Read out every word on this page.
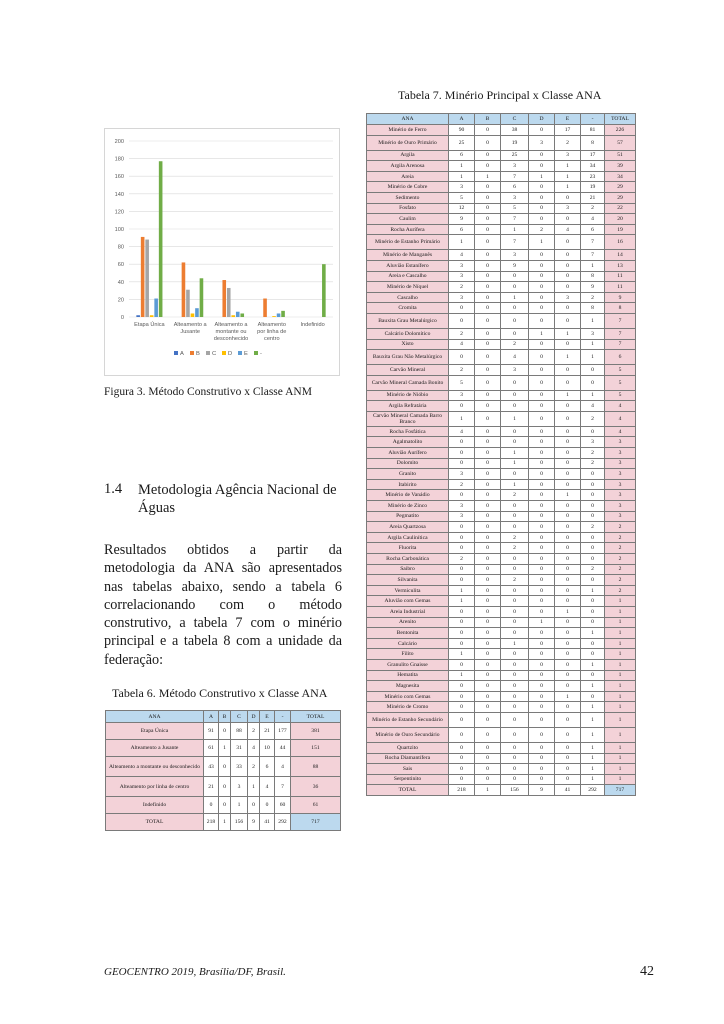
0
20
40
60
80
100
120
140
160
180
200
Etapa Única Alteamento a
Jusante
Alteamento a
montante ou
desconhecido
Alteamento
por linha de
centro
Indefinido
A B C D E -
Figura 3. Método Construtivo x Classe ANM
1.4 Metodologia Agência Nacional de Águas

Resultados obtidos a partir da metodologia da ANA são apresentados nas tabelas abaixo, sendo a tabela 6 correlacionando com o método construtivo, a tabela 7 com o minério principal e a tabela 8 com a unidade da federação:

Tabela 6. Método Construtivo x Classe ANA
ANA	A	B	C	D	E	-	TOTAL
Etapa Única	91	0	88	2	21	177	381
Alteamento a Jusante	61	1	31	4	10	44	151
Alteamento a montante ou desconhecido	43	0	33	2	6	4	88
Alteamento por linha de centro	21	0	3	1	4	7	36
Indefinido	0	0	1	0	0	60	61
TOTAL	218	1	156	9	41	292	717
Tabela 7. Minério Principal x Classe ANA
ANA	A	B	C	D	E	-	TOTAL
Minério de Ferro	90	0	38	0	17	81	226
Minério de Ouro Primário	25	0	19	3	2	8	57
Argila	6	0	25	0	3	17	51
Argila Arenosa	1	0	3	0	1	34	39
Areia	1	1	7	1	1	23	34
Minério de Cobre	3	0	6	0	1	19	29
Sedimento	5	0	3	0	0	21	29
Fosfato	12	0	5	0	3	2	22
Caulim	9	0	7	0	0	4	20
Rocha Aurífera	6	0	1	2	4	6	19
Minério de Estanho Primário	1	0	7	1	0	7	16
Minério de Manganês	4	0	3	0	0	7	14
Aluvião Estanífero	3	0	9	0	0	1	13
Areia e Cascalho	3	0	0	0	0	8	11
Minério de Níquel	2	0	0	0	0	9	11
Cascalho	3	0	1	0	3	2	9
Cromita	0	0	0	0	0	8	8
Bauxita Grau Metalúrgico	0	0	0	0	0	1	7
Calcário Dolomítico	2	0	0	1	1	3	7
Xisto	4	0	2	0	0	1	7
Bauxita Grau Não Metalúrgico	0	0	4	0	1	1	6
Carvão Mineral	2	0	3	0	0	0	5
Carvão Mineral Camada Bonito	5	0	0	0	0	0	5
Minério de Nióbio	3	0	0	0	1	1	5
Argila Refratária	0	0	0	0	0	4	4
Carvão Mineral Camada Barro Branco	1	0	1	0	0	2	4
Rocha Fosfática	4	0	0	0	0	0	4
Agalmatolito	0	0	0	0	0	3	3
Aluvião Aurífero	0	0	1	0	0	2	3
Dolomito	0	0	1	0	0	2	3
Granito	3	0	0	0	0	0	3
Itabirito	2	0	1	0	0	0	3
Minério de Vanádio	0	0	2	0	1	0	3
Minério de Zinco	3	0	0	0	0	0	3
Pegmatito	3	0	0	0	0	0	3
Areia Quartzosa	0	0	0	0	0	2	2
Argila Caulinítica	0	0	2	0	0	0	2
Fluorita	0	0	2	0	0	0	2
Rocha Carbonática	2	0	0	0	0	0	2
Saibro	0	0	0	0	0	2	2
Silvanita	0	0	2	0	0	0	2
Vermiculita	1	0	0	0	0	1	2
Aluvião com Gemas	1	0	0	0	0	0	1
Areia Industrial	0	0	0	0	1	0	1
Arenito	0	0	0	1	0	0	1
Bentonita	0	0	0	0	0	1	1
Calcário	0	0	1	0	0	0	1
Filito	1	0	0	0	0	0	1
Granulito Gnaisse	0	0	0	0	0	1	1
Hematita	1	0	0	0	0	0	1
Magnesita	0	0	0	0	0	1	1
Minério com Gemas	0	0	0	0	1	0	1
Minério de Cromo	0	0	0	0	0	1	1
Minério de Estanho Secundário	0	0	0	0	0	1	1
Minério de Ouro Secundário	0	0	0	0	0	1	1
Quartzito	0	0	0	0	0	1	1
Rocha Diamantífera	0	0	0	0	0	1	1
Sais	0	0	0	0	0	1	1
Serpentinito	0	0	0	0	0	1	1
TOTAL	218	1	156	9	41	292	717
GEOCENTRO 2019, Brasília/DF, Brasil.	42
